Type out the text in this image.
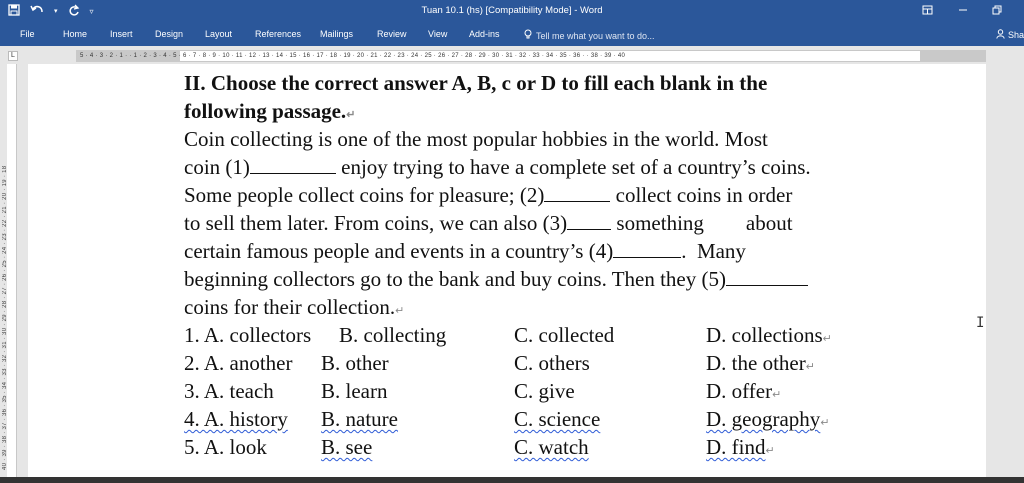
▾	▿	Tuan 10.1 (hs) [Compatibility Mode] - Word
File	Home	Insert Design Layout	References Mailings	Review View Add-ins	Tell me what you want to do...	Sha
5 · 4 · 3 · 2 · 1 · · 1 · 2 · 3 · 4 · 5 · 6 · 7 · 8 · 9 · 10 · 11 · 12 · 13 · 14 · 15 · 16 · 17 · 18 · 19 · 20 · 21 · 22 · 23 · 24 · 25 · 26 · 27 · 28 · 29 · 30 · 31 · 32 · 33 · 34 · 35 · 36 · · 38 · 39 · 40
L
40 · 39 · 38 · 37 · 36 · 35 · 34 · 33 · 32 · 31 · 30 · 29 · 28 · 27 · 26 · 25 · 24 · 23 · 22 · 21 · 20 · 19 · 18
II. Choose the correct answer A, B, c or D to fill each blank in the
following passage.↵
Coin collecting is one of the most popular hobbies in the world. Most
coin (1)	enjoy trying to have a complete set of a country’s coins.
Some people collect coins for pleasure; (2)	collect coins in order
to sell them later. From coins, we can also (3) something        about
certain famous people and events in a country’s (4)	.  Many
beginning collectors go to the bank and buy coins. Then they (5)
coins for their collection.↵
1. A. collectors B. collecting	C. collected	D. collections↵
2. A. another B. other	C. others	D. the other↵
3. A. teach B. learn	C. give	D. offer↵
4. A. history B. nature	C. science	D. geography↵
5. A. look	B. see	C. watch	D. find↵
I
